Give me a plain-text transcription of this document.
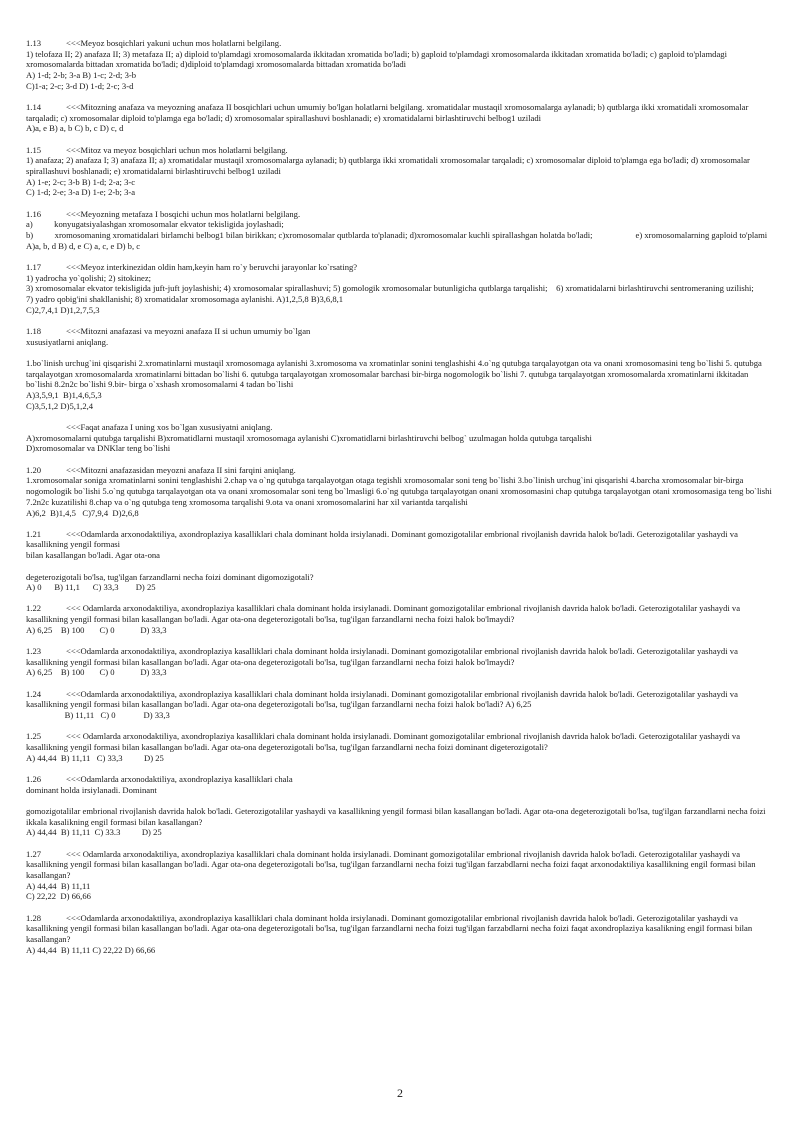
1.13	<<<Meyoz bosqichlari yakuni uchun mos holatlarni belgilang.

1) telofaza II; 2) anafaza II; 3) metafaza II; a) diploid to'plamdagi xromosomalarda ikkitadan xromatida bo'ladi; b) gaploid to'plamdagi xromosomalarda ikkitadan xromatida bo'ladi; c) gaploid to'plamdagi xromosomalarda bittadan xromatida bo'ladi; d)diploid to'plamdagi xromosomalarda bittadan xromatida bo'ladi

A) 1-d; 2-b; 3-a B) 1-c; 2-d; 3-b

C)1-a; 2-c; 3-d D) 1-d; 2-c; 3-d

1.14	<<<Mitozning anafaza va meyozning anafaza II bosqichlari uchun umumiy bo'lgan holatlarni belgilang. xromatidalar mustaqil xromosomalarga aylanadi; b) qutblarga ikki xromatidali xromosomalar tarqaladi; c) xromosomalar diploid to'plamga ega bo'ladi; d) xromosomalar spirallashuvi boshlanadi; e) xromatidalarni birlashtiruvchi belbog1 uziladi

A)a, e B) a, b C) b, c D) c, d

1.15	<<<Mitoz va meyoz bosqichlari uchun mos holatlarni belgilang.

1) anafaza; 2) anafaza I; 3) anafaza II; a) xromatidalar mustaqil xromosomalarga aylanadi; b) qutblarga ikki xromatidali xromosomalar tarqaladi; c) xromosomalar diploid to'plamga ega bo'ladi; d) xromosomalar spirallashuvi boshlanadi; e) xromatidalarni birlashtiruvchi belbog1 uziladi

A) 1-e; 2-c; 3-b B) 1-d; 2-a; 3-c

C) 1-d; 2-e; 3-a D) 1-e; 2-b; 3-a

1.16	<<<Meyozning metafaza I bosqichi uchun mos holatlarni belgilang.

a)          konyugatsiyalashgan xromosomalar ekvator tekisligida joylashadi;

b)          xromosomaning xromatidalari birlamchi belbog1 bilan birikkan; c)xromosomalar qutblarda to'planadi; d)xromosomalar kuchli spirallashgan holatda bo'ladi;                    e) xromosomalarning gaploid to'plami A)a, b, d B) d, e C) a, c, e D) b, c

1.17	<<<Meyoz interkinezidan oldin ham,keyin ham ro`y beruvchi jarayonlar ko`rsating?

1) yadrocha yo`qolishi; 2) sitokinez;

3) xromosomalar ekvator tekisligida juft-juft joylashishi; 4) xromosomalar spirallashuvi; 5) gomologik xromosomalar butunligicha qutblarga tarqalishi;    6) xromatidalarni birlashtiruvchi sentromeraning uzilishi;

7) yadro qobig'ini shakllanishi; 8) xromatidalar xromosomaga aylanishi. A)1,2,5,8 B)3,6,8,1

C)2,7,4,1 D)1,2,7,5,3

1.18	<<<Mitozni anafazasi va meyozni anafaza II si uchun umumiy bo`lgan

xususiyatlarni aniqlang.

1.bo`linish urchug`ini qisqarishi 2.xromatinlarni mustaqil xromosomaga aylanishi 3.xromosoma va xromatinlar sonini tenglashishi 4.o`ng qutubga tarqalayotgan ota va onani xromosomasini teng bo`lishi 5. qutubga tarqalayotgan xromosomalarda xromatinlarni bittadan bo`lishi 6. qutubga tarqalayotgan xromosomalar barchasi bir-birga nogomologik bo`lishi 7. qutubga tarqalayotgan xromosomalarda xromatinlarni ikkitadan bo`lishi 8.2n2c bo`lishi 9.bir- birga o`xshash xromosomalarni 4 tadan bo`lishi

A)3,5,9,1  B)1,4,6,5,3

C)3,5,1,2 D)5,1,2,4

<<<Faqat anafaza I uning xos bo`lgan xususiyatni aniqlang.

A)xromosomalarni qutubga tarqalishi B)xromatidlarni mustaqil xromosomaga aylanishi C)xromatidlarni birlashtiruvchi belbog` uzulmagan holda qutubga tarqalishi

D)xromosomalar va DNKlar teng bo`lishi

1.20	<<<Mitozni anafazasidan meyozni anafaza II sini farqini aniqlang.

1.xromosomalar soniga xromatinlarni sonini tenglashishi 2.chap va o`ng qutubga tarqalayotgan otaga tegishli xromosomalar soni teng bo`lishi 3.bo`linish urchug`ini qisqarishi 4.barcha xromosomalar bir-birga nogomologik bo`lishi 5.o`ng qutubga tarqalayotgan ota va onani xromosomalar soni teng bo`lmasligi 6.o`ng qutubga tarqalayotgan onani xromosomasini chap qutubga tarqalayotgan otani xromosomasiga teng bo`lishi 7.2n2c kuzatilishi 8.chap va o`ng qutubga teng xromosoma tarqalishi 9.ota va onani xromosomalarini har xil variantda tarqalishi

A)6,2  B)1,4,5   C)7,9,4  D)2,6,8

1.21	<<<Odamlarda arxonodaktiliya, axondroplaziya kasalliklari chala dominant holda irsiylanadi. Dominant gomozigotalilar embrional rivojlanish davrida halok bo'ladi. Geterozigotalilar yashaydi va kasallikning yengil formasi

bilan kasallangan bo'ladi. Agar ota-ona

degeterozigotali bo'lsa, tug'ilgan farzandlarni necha foizi dominant digomozigotali?

A) 0      B) 11,1      C) 33,3        D) 25

1.22	<<< Odamlarda arxonodaktiliya, axondroplaziya kasalliklari chala dominant holda irsiylanadi. Dominant gomozigotalilar embrional rivojlanish davrida halok bo'ladi. Geterozigotalilar yashaydi va kasallikning yengil formasi bilan kasallangan bo'ladi. Agar ota-ona degeterozigotali bo'lsa, tug'ilgan farzandlarni necha foizi halok bo'lmaydi?

A) 6,25    B) 100       C) 0            D) 33,3

1.23	<<<Odamlarda arxonodaktiliya, axondroplaziya kasalliklari chala dominant holda irsiylanadi. Dominant gomozigotalilar embrional rivojlanish davrida halok bo'ladi. Geterozigotalilar yashaydi va kasallikning yengil formasi bilan kasallangan bo'ladi. Agar ota-ona degeterozigotali bo'lsa, tug'ilgan farzandlarni necha foizi halok bo'lmaydi?

A) 6,25    B) 100       C) 0            D) 33,3

1.24	<<<Odamlarda arxonodaktiliya, axondroplaziya kasalliklari chala dominant holda irsiylanadi. Dominant gomozigotalilar embrional rivojlanish davrida halok bo'ladi. Geterozigotalilar yashaydi va kasallikning yengil formasi bilan kasallangan bo'ladi. Agar ota-ona degeterozigotali bo'lsa, tug'ilgan farzandlarni necha foizi halok bo'ladi? A) 6,25

B) 11,11   C) 0             D) 33,3

1.25	<<< Odamlarda arxonodaktiliya, axondroplaziya kasalliklari chala dominant holda irsiylanadi. Dominant gomozigotalilar embrional rivojlanish davrida halok bo'ladi. Geterozigotalilar yashaydi va kasallikning yengil formasi bilan kasallangan bo'ladi. Agar ota-ona degeterozigotali bo'lsa, tug'ilgan farzandlarni necha foizi dominant digeterozigotali?

A) 44,44  B) 11,11   C) 33,3          D) 25

1.26	<<<Odamlarda arxonodaktiliya, axondroplaziya kasalliklari chala

dominant holda irsiylanadi. Dominant

gomozigotalilar embrional rivojlanish davrida halok bo'ladi. Geterozigotalilar yashaydi va kasallikning yengil formasi bilan kasallangan bo'ladi. Agar ota-ona degeterozigotali bo'lsa, tug'ilgan farzandlarni necha foizi ikkala kasalikning engil formasi bilan kasallangan?

A) 44,44  B) 11,11  C) 33.3          D) 25

1.27	<<< Odamlarda arxonodaktiliya, axondroplaziya kasalliklari chala dominant holda irsiylanadi. Dominant gomozigotalilar embrional rivojlanish davrida halok bo'ladi. Geterozigotalilar yashaydi va kasallikning yengil formasi bilan kasallangan bo'ladi. Agar ota-ona degeterozigotali bo'lsa, tug'ilgan farzandlarni necha foizi tug'ilgan farzabdlarni necha foizi faqat arxonodaktiliya kasallikning engil formasi bilan kasallangan?

A) 44,44  B) 11,11

C) 22,22  D) 66,66

1.28	<<<Odamlarda arxonodaktiliya, axondroplaziya kasalliklari chala dominant holda irsiylanadi. Dominant gomozigotalilar embrional rivojlanish davrida halok bo'ladi. Geterozigotalilar yashaydi va kasallikning yengil formasi bilan kasallangan bo'ladi. Agar ota-ona degeterozigotali bo'lsa, tug'ilgan farzandlarni necha foizi tug'ilgan farzabdlarni necha foizi faqat axondroplaziya kasalikning engil formasi bilan kasallangan?

A) 44,44  B) 11,11 C) 22,22 D) 66,66

2
